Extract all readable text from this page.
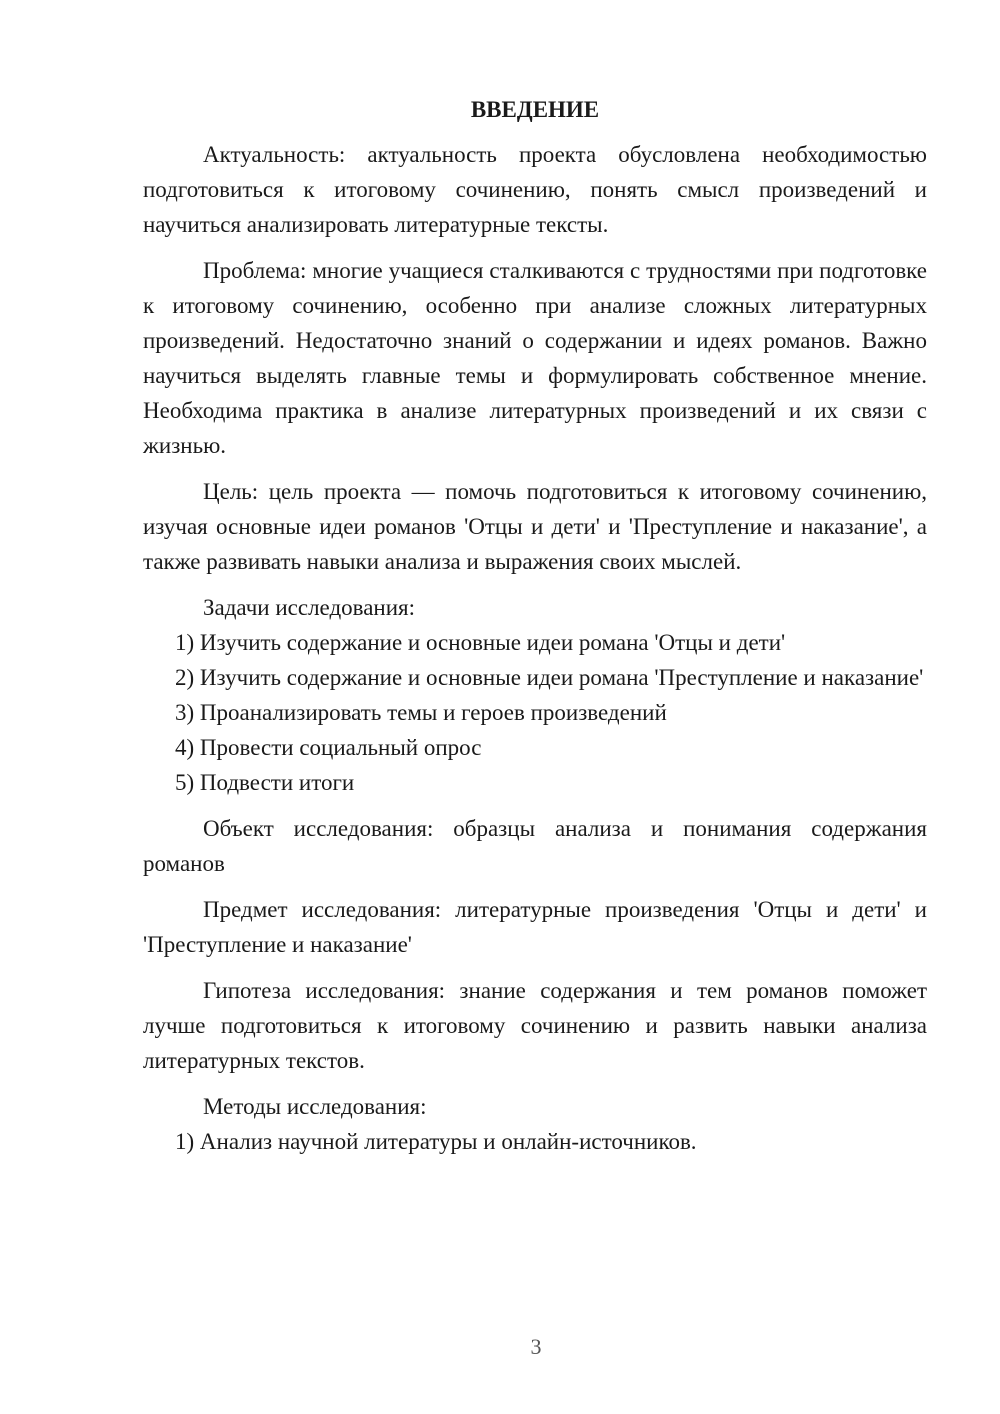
ВВЕДЕНИЕ

Актуальность: актуальность проекта обусловлена необходимостью подготовиться к итоговому сочинению, понять смысл произведений и научиться анализировать литературные тексты.

Проблема: многие учащиеся сталкиваются с трудностями при подготовке к итоговому сочинению, особенно при анализе сложных литературных произведений. Недостаточно знаний о содержании и идеях романов. Важно научиться выделять главные темы и формулировать собственное мнение. Необходима практика в анализе литературных произведений и их связи с жизнью.

Цель: цель проекта — помочь подготовиться к итоговому сочинению, изучая основные идеи романов 'Отцы и дети' и 'Преступление и наказание', а также развивать навыки анализа и выражения своих мыслей.

Задачи исследования:

1) Изучить содержание и основные идеи романа 'Отцы и дети'

2) Изучить содержание и основные идеи романа 'Преступление и наказание'

3) Проанализировать темы и героев произведений

4) Провести социальный опрос

5) Подвести итоги

Объект исследования: образцы анализа и понимания содержания романов

Предмет исследования: литературные произведения 'Отцы и дети' и 'Преступление и наказание'

Гипотеза исследования: знание содержания и тем романов поможет лучше подготовиться к итоговому сочинению и развить навыки анализа литературных текстов.

Методы исследования:

1) Анализ научной литературы и онлайн-источников.

3
